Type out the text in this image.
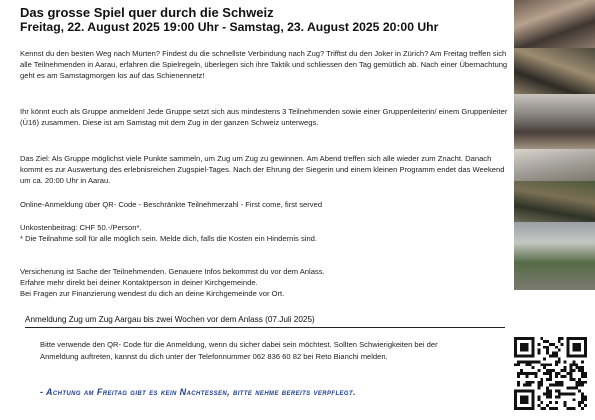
Das grosse Spiel quer durch die Schweiz
Freitag, 22. August 2025 19:00 Uhr - Samstag, 23. August 2025 20:00 Uhr
Kennst du den besten Weg nach Murten? Findest du die schnellste Verbindung nach Zug? Trifftst du den Joker in Zürich? Am Freitag treffen sich alle Teilnehmenden in Aarau, erfahren die Spielregeln, überlegen sich ihre Taktik und schliessen den Tag gemütlich ab. Nach einer Übernachtung geht es am Samstagmorgen los auf das Schienennetz!
Ihr könnt euch als Gruppe anmelden! Jede Gruppe setzt sich aus mindestens 3 Teilnehmenden sowie einer Gruppenleiterin/ einem Gruppenleiter (Ü16) zusammen. Diese ist am Samstag mit dem Zug in der ganzen Schweiz unterwegs.
Das Ziel: Als Gruppe möglichst viele Punkte sammeln, um Zug um Zug zu gewinnen. Am Abend treffen sich alle wieder zum Znacht. Danach kommt es zur Auswertung des erlebnisreichen Zugspiel-Tages. Nach der Ehrung der Siegerin und einem kleinen Programm endet das Weekend um ca. 20:00 Uhr in Aarau.
Online-Anmeldung über QR- Code - Beschränkte Teilnehmerzahl - First come, first served
Unkostenbeitrag: CHF 50.-/Person*.
* Die Teilnahme soll für alle möglich sein. Melde dich, falls die Kosten ein Hindernis sind.
Versicherung ist Sache der Teilnehmenden. Genauere Infos bekommst du vor dem Anlass.
Erfahre mehr direkt bei deiner Kontaktperson in deiner Kirchgemeinde.
Bei Fragen zur Finanzierung wendest du dich an deine Kirchgemeinde vor Ort.
Anmeldung Zug um Zug Aargau bis zwei Wochen vor dem Anlass (07.Juli 2025)
Bitte verwende den QR- Code für die Anmeldung, wenn du sicher dabei sein möchtest. Sollten Schwierigkeiten bei der Anmeldung auftreten, kannst du dich unter der Telefonnummer 062 836 60 82 bei Reto Bianchi melden.
- Achtung am Freitag gibt es kein Nachtessen, bitte nehme bereits verpflegt.
